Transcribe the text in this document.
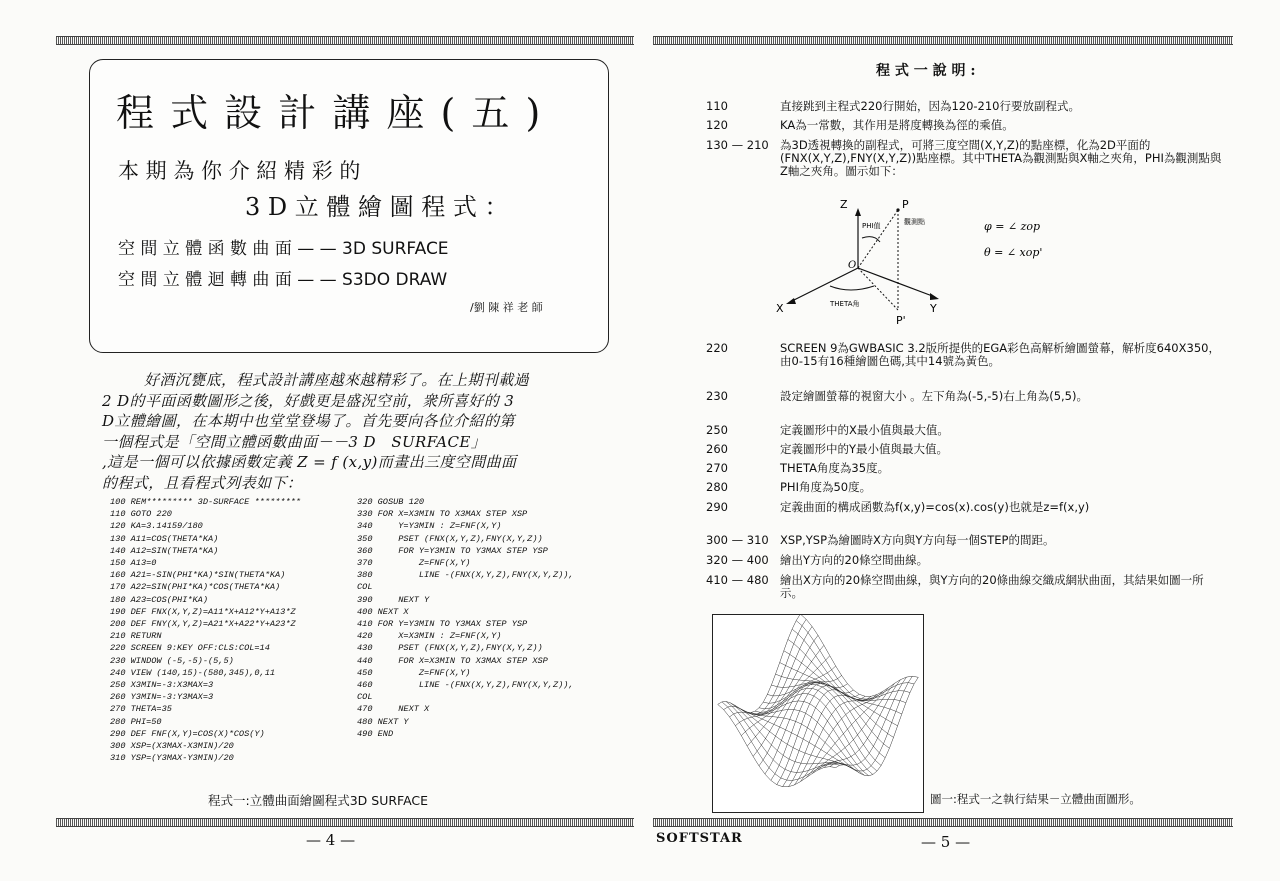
程 式 設 計 講 座 ( 五 )
本 期 為 你 介 紹 精 彩 的
3 D 立 體 繪 圖 程 式 ：
空 間 立 體 函 數 曲 面 — — 3D SURFACE
空 間 立 體 迴 轉 曲 面 — — S3DO DRAW
/劉 陳 祥 老 師

好酒沉甕底，程式設計講座越來越精彩了。在上期刊載過

2 D的平面函數圖形之後，好戲更是盛況空前，衆所喜好的 3

D立體繪圖，在本期中也堂堂登場了。首先要向各位介紹的第

一個程式是「空間立體函數曲面－－3 D　SURFACE」

,這是一個可以依據函數定義 Z = f (x,y)而畫出三度空間曲面

的程式，且看程式列表如下：

100 REM********* 3D-SURFACE *********
110 GOTO 220
120 KA=3.14159/180
130 A11=COS(THETA*KA)
140 A12=SIN(THETA*KA)
150 A13=0
160 A21=-SIN(PHI*KA)*SIN(THETA*KA)
170 A22=SIN(PHI*KA)*COS(THETA*KA)
180 A23=COS(PHI*KA)
190 DEF FNX(X,Y,Z)=A11*X+A12*Y+A13*Z
200 DEF FNY(X,Y,Z)=A21*X+A22*Y+A23*Z
210 RETURN
220 SCREEN 9:KEY OFF:CLS:COL=14
230 WINDOW (-5,-5)-(5,5)
240 VIEW (140,15)-(580,345),0,11
250 X3MIN=-3:X3MAX=3
260 Y3MIN=-3:Y3MAX=3
270 THETA=35
280 PHI=50
290 DEF FNF(X,Y)=COS(X)*COS(Y)
300 XSP=(X3MAX-X3MIN)/20
310 YSP=(Y3MAX-Y3MIN)/20
320 GOSUB 120
330 FOR X=X3MIN TO X3MAX STEP XSP
340     Y=Y3MIN : Z=FNF(X,Y)
350     PSET (FNX(X,Y,Z),FNY(X,Y,Z))
360     FOR Y=Y3MIN TO Y3MAX STEP YSP
370         Z=FNF(X,Y)
380         LINE -(FNX(X,Y,Z),FNY(X,Y,Z)),
COL
390     NEXT Y
400 NEXT X
410 FOR Y=Y3MIN TO Y3MAX STEP YSP
420     X=X3MIN : Z=FNF(X,Y)
430     PSET (FNX(X,Y,Z),FNY(X,Y,Z))
440     FOR X=X3MIN TO X3MAX STEP XSP
450         Z=FNF(X,Y)
460         LINE -(FNX(X,Y,Z),FNY(X,Y,Z)),
COL
470     NEXT X
480 NEXT Y
490 END
程式一:立體曲面繪圖程式3D SURFACE
— 4 —
程 式 一 說 明 :
110	直接跳到主程式220行開始，因為120-210行要放副程式。
120	KA為一常數，其作用是將度轉換為徑的乘值。
130 — 210 為3D透視轉換的副程式，可將三度空間(X,Y,Z)的點座標，化為2D平面的(FNX(X,Y,Z),FNY(X,Y,Z))點座標。其中THETA為觀測點與X軸之夾角，PHI為觀測點與Z軸之夾角。圖示如下：
Z	P
O
X	Y
P'
PHI值	觀測點
THETA角
φ = ∠ zop
θ = ∠ xop'
220	SCREEN 9為GWBASIC 3.2版所提供的EGA彩色高解析繪圖螢幕，解析度640X350，由0-15有16種繪圖色碼,其中14號為黃色。
230	設定繪圖螢幕的視窗大小 。左下角為(-5,-5)右上角為(5,5)。
250	定義圖形中的X最小值與最大值。
260	定義圖形中的Y最小值與最大值。
270	THETA角度為35度。
280	PHI角度為50度。
290	定義曲面的構成函數為f(x,y)=cos(x).cos(y)也就是z=f(x,y)
300 — 310 XSP,YSP為繪圖時X方向與Y方向每一個STEP的間距。
320 — 400 繪出Y方向的20條空間曲線。
410 — 480 繪出X方向的20條空間曲線，與Y方向的20條曲線交織成網狀曲面，其結果如圖一所示。
圖一:程式一之執行結果－立體曲面圖形。
SOFTSTAR	— 5 —
